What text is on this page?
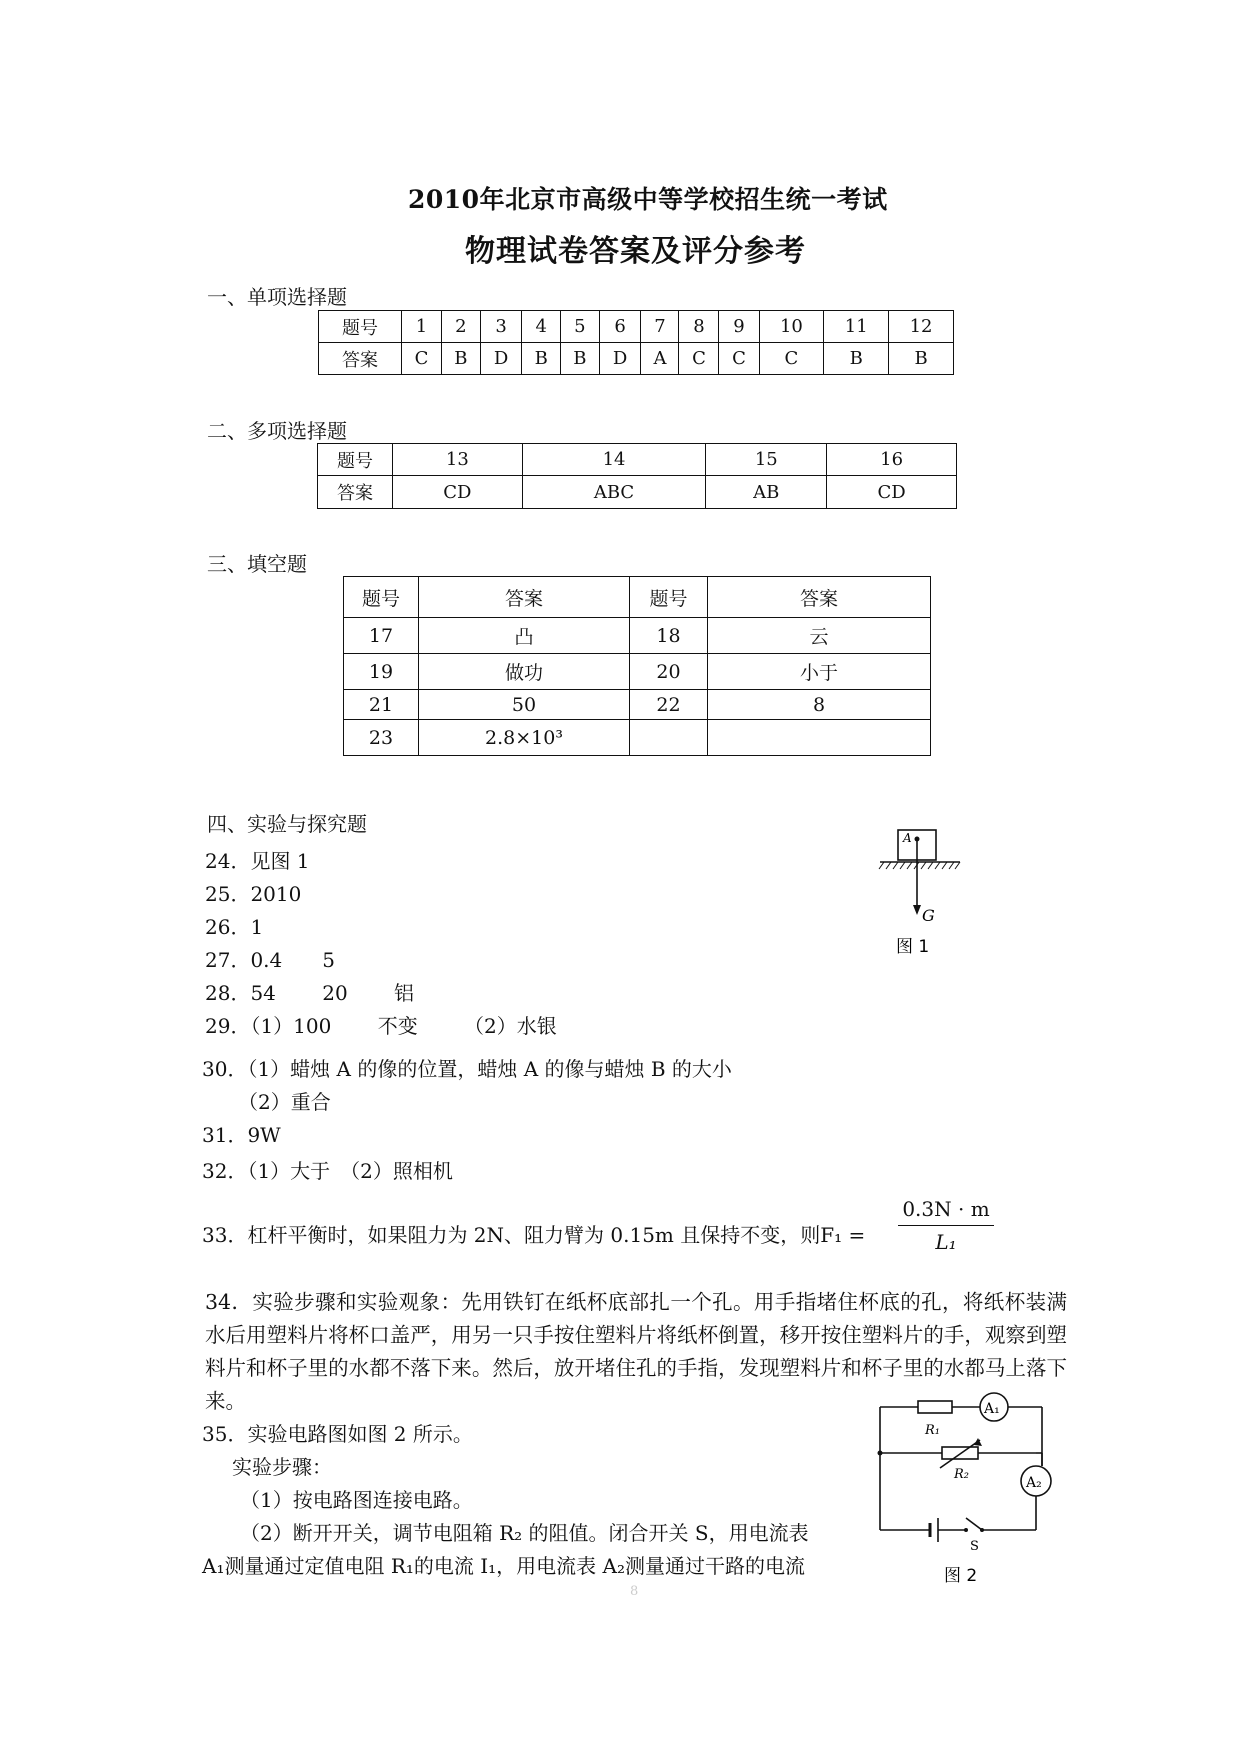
2010年北京市高级中等学校招生统一考试
物理试卷答案及评分参考
一、单项选择题
题号	1	2	3	4	5	6	7	8	9	10	11	12
答案	C	B	D	B	B	D	A	C	C	C	B	B
二、多项选择题
题号	13	14	15	16
答案	CD	ABC	AB	CD
三、填空题
题号	答案	题号	答案
17	凸	18	云
19	做功	20	小于
21	50	22	8
23	2.8×10³		
四、实验与探究题
24．见图 1
25．2010
26．1
27．0.4　　5
28．54　　 20　　 铝
29．（1）100　　 不变　　 （2）水银
30．（1）蜡烛 A 的像的位置，蜡烛 A 的像与蜡烛 B 的大小
（2）重合
31．9W
32．（1）大于　（2）照相机
33．杠杆平衡时，如果阻力为 2N、阻力臂为 0.15m 且保持不变，则F₁ =
0.3N · m
L₁
34．实验步骤和实验观象：先用铁钉在纸杯底部扎一个孔。用手指堵住杯底的孔，将纸杯装满水后用塑料片将杯口盖严，用另一只手按住塑料片将纸杯倒置，移开按住塑料片的手，观察到塑料片和杯子里的水都不落下来。然后，放开堵住孔的手指，发现塑料片和杯子里的水都马上落下来。
35．实验电路图如图 2 所示。
实验步骤：
（1）按电路图连接电路。
（2）断开开关，调节电阻箱 R₂ 的阻值。闭合开关 S，用电流表
A₁测量通过定值电阻 R₁的电流 I₁，用电流表 A₂测量通过干路的电流
A
G
图 1
R₁
A₁
R₂
A₂
S
图 2
8
